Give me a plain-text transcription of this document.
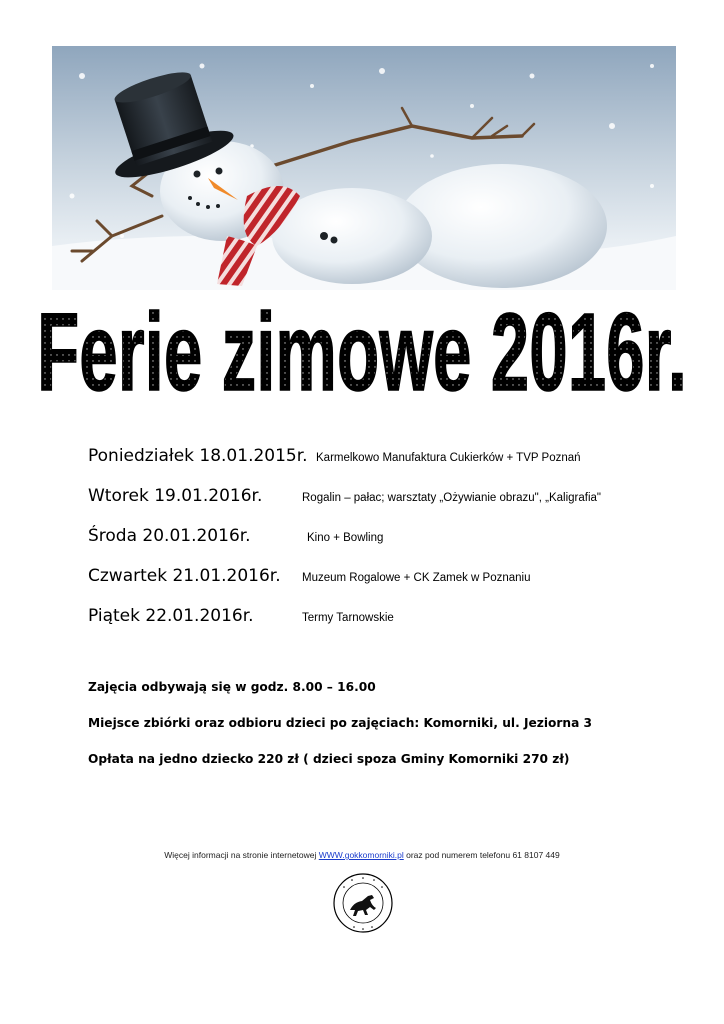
Ferie zimowe 2016r.
Poniedziałek 18.01.2015r. Karmelkowo Manufaktura Cukierków + TVP Poznań
Wtorek 19.01.2016r.	Rogalin – pałac; warsztaty „Ożywianie obrazu", „Kaligrafia"
Środa 20.01.2016r.	Kino + Bowling
Czwartek 21.01.2016r. Muzeum Rogalowe + CK Zamek w Poznaniu
Piątek 22.01.2016r.	Termy Tarnowskie

Zajęcia odbywają się w godz. 8.00 – 16.00

Miejsce zbiórki oraz odbioru dzieci po zajęciach: Komorniki, ul. Jeziorna 3

Opłata na jedno dziecko 220 zł ( dzieci spoza Gminy Komorniki 270 zł)

Więcej informacji na stronie internetowej WWW.gokkomorniki.pl oraz pod numerem telefonu 61 8107 449
